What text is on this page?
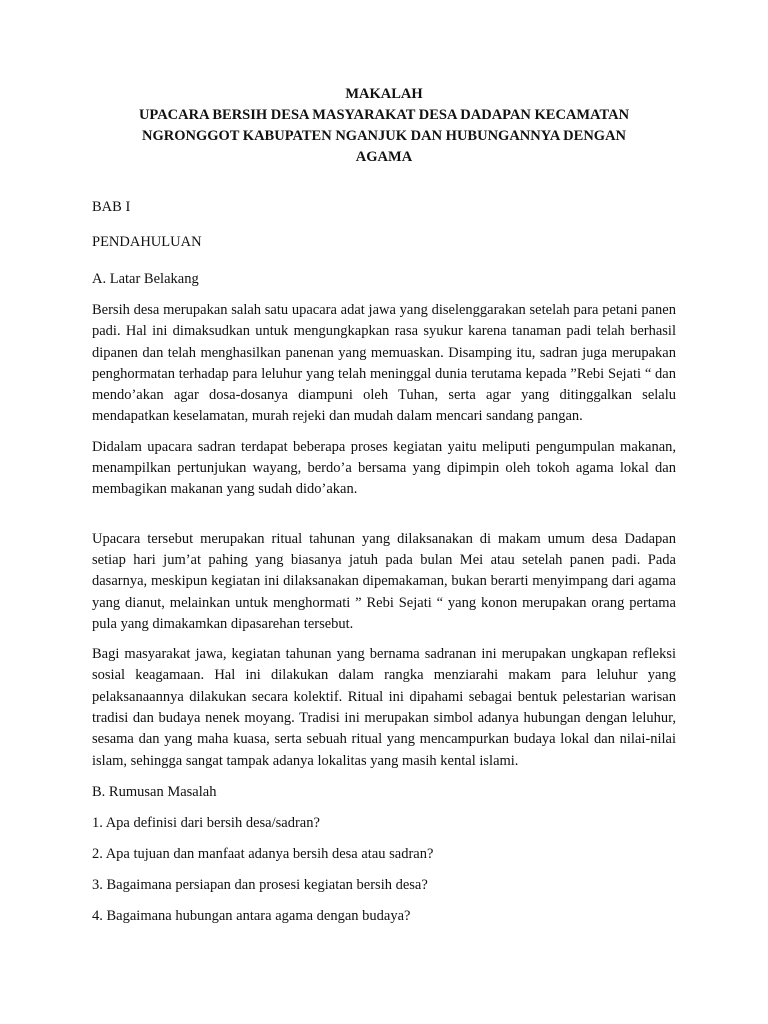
MAKALAH
UPACARA BERSIH DESA MASYARAKAT DESA DADAPAN KECAMATAN
NGRONGGOT KABUPATEN NGANJUK DAN HUBUNGANNYA DENGAN
AGAMA

BAB I

PENDAHULUAN

A. Latar Belakang

Bersih desa merupakan salah satu upacara adat jawa yang diselenggarakan setelah para petani panen padi. Hal ini dimaksudkan untuk mengungkapkan rasa syukur karena tanaman padi telah berhasil dipanen dan telah menghasilkan panenan yang memuaskan. Disamping itu, sadran juga merupakan penghormatan terhadap para leluhur yang telah meninggal dunia terutama kepada ”Rebi Sejati “ dan mendo’akan agar dosa-dosanya diampuni oleh Tuhan, serta agar yang ditinggalkan selalu mendapatkan keselamatan, murah rejeki dan mudah dalam mencari sandang pangan.

Didalam upacara sadran terdapat beberapa proses kegiatan yaitu meliputi pengumpulan makanan, menampilkan pertunjukan wayang, berdo’a bersama yang dipimpin oleh tokoh agama lokal dan membagikan makanan yang sudah dido’akan.

Upacara tersebut merupakan ritual tahunan yang dilaksanakan di makam umum desa Dadapan setiap hari jum’at pahing yang biasanya jatuh pada bulan Mei atau setelah panen padi. Pada dasarnya, meskipun kegiatan ini dilaksanakan dipemakaman, bukan berarti menyimpang dari agama yang dianut, melainkan untuk menghormati ” Rebi Sejati “ yang konon merupakan orang pertama pula yang dimakamkan dipasarehan tersebut.

Bagi masyarakat jawa, kegiatan tahunan yang bernama sadranan ini merupakan ungkapan refleksi sosial keagamaan. Hal ini dilakukan dalam rangka menziarahi makam para leluhur yang pelaksanaannya dilakukan secara kolektif. Ritual ini dipahami sebagai bentuk pelestarian warisan tradisi dan budaya nenek moyang. Tradisi ini merupakan simbol adanya hubungan dengan leluhur, sesama dan yang maha kuasa, serta sebuah ritual yang mencampurkan budaya lokal dan nilai-nilai islam, sehingga sangat tampak adanya lokalitas yang masih kental islami.

B. Rumusan Masalah

1. Apa definisi dari bersih desa/sadran?

2. Apa tujuan dan manfaat adanya bersih desa atau sadran?

3. Bagaimana persiapan dan prosesi kegiatan bersih desa?

4. Bagaimana hubungan antara agama dengan budaya?
